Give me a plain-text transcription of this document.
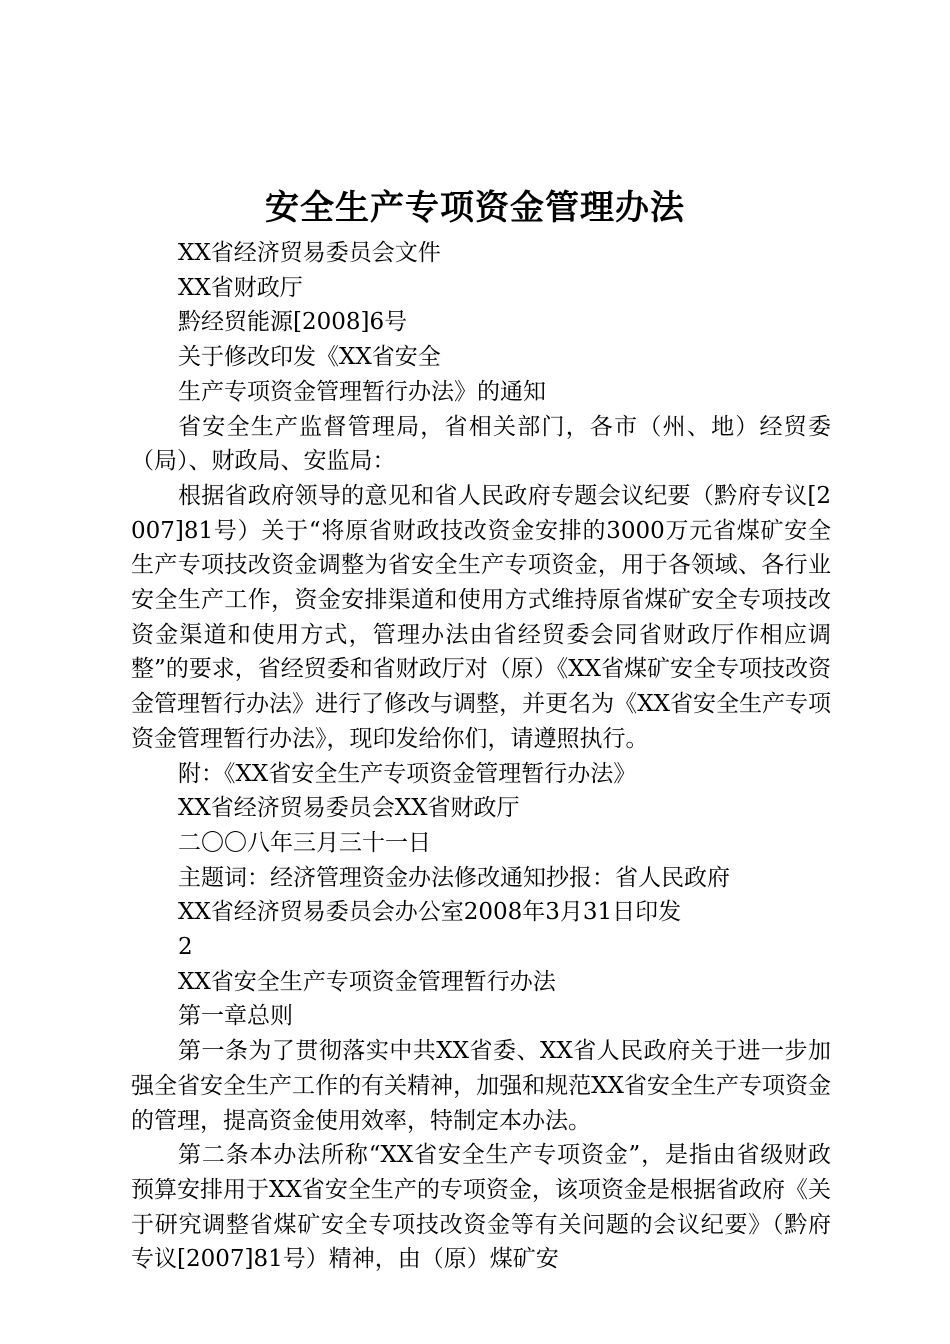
安全生产专项资金管理办法

XX省经济贸易委员会文件

XX省财政厅

黔经贸能源[2008]6号

关于修改印发《XX省安全

生产专项资金管理暂行办法》的通知

省安全生产监督管理局，省相关部门，各市（州、地）经贸委（局）、财政局、安监局：

根据省政府领导的意见和省人民政府专题会议纪要（黔府专议[2007]81号）关于“将原省财政技改资金安排的3000万元省煤矿安全生产专项技改资金调整为省安全生产专项资金，用于各领域、各行业安全生产工作，资金安排渠道和使用方式维持原省煤矿安全专项技改资金渠道和使用方式，管理办法由省经贸委会同省财政厅作相应调整”的要求，省经贸委和省财政厅对（原）《XX省煤矿安全专项技改资金管理暂行办法》进行了修改与调整，并更名为《XX省安全生产专项资金管理暂行办法》，现印发给你们，请遵照执行。

附：《XX省安全生产专项资金管理暂行办法》

XX省经济贸易委员会XX省财政厅

二〇〇八年三月三十一日

主题词：经济管理资金办法修改通知抄报：省人民政府

XX省经济贸易委员会办公室2008年3月31日印发

2

XX省安全生产专项资金管理暂行办法

第一章总则

第一条为了贯彻落实中共XX省委、XX省人民政府关于进一步加强全省安全生产工作的有关精神，加强和规范XX省安全生产专项资金的管理，提高资金使用效率，特制定本办法。

第二条本办法所称“XX省安全生产专项资金”，是指由省级财政预算安排用于XX省安全生产的专项资金，该项资金是根据省政府《关于研究调整省煤矿安全专项技改资金等有关问题的会议纪要》（黔府专议[2007]81号）精神，由（原）煤矿安
